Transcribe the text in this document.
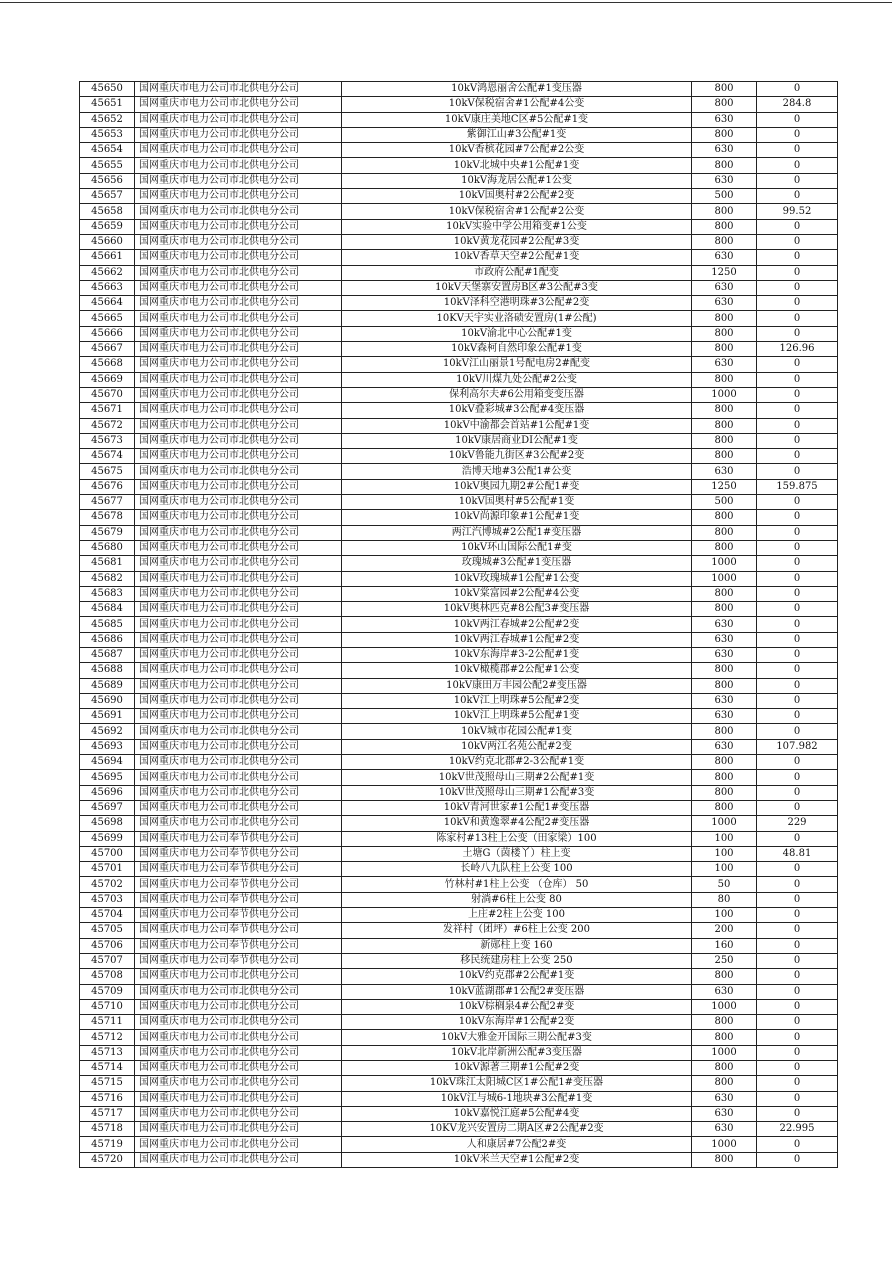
45650	国网重庆市电力公司市北供电分公司	10kV鸿恩丽舍公配#1变压器	800	0
45651	国网重庆市电力公司市北供电分公司	10kV保税宿舍#1公配#4公变	800	284.8
45652	国网重庆市电力公司市北供电分公司	10kV康庄美地C区#5公配#1变	630	0
45653	国网重庆市电力公司市北供电分公司	紫御江山#3公配#1变	800	0
45654	国网重庆市电力公司市北供电分公司	10kV香槟花园#7公配#2公变	630	0
45655	国网重庆市电力公司市北供电分公司	10kV北城中央#1公配#1变	800	0
45656	国网重庆市电力公司市北供电分公司	10kV海龙居公配#1公变	630	0
45657	国网重庆市电力公司市北供电分公司	10kV国奥村#2公配#2变	500	0
45658	国网重庆市电力公司市北供电分公司	10kV保税宿舍#1公配#2公变	800	99.52
45659	国网重庆市电力公司市北供电分公司	10kV实验中学公用箱变#1公变	800	0
45660	国网重庆市电力公司市北供电分公司	10kV黄龙花园#2公配#3变	800	0
45661	国网重庆市电力公司市北供电分公司	10kV香草天空#2公配#1变	630	0
45662	国网重庆市电力公司市北供电分公司	市政府公配#1配变	1250	0
45663	国网重庆市电力公司市北供电分公司	10kV天堡寨安置房B区#3公配#3变	630	0
45664	国网重庆市电力公司市北供电分公司	10kV泽科空港明珠#3公配#2变	630	0
45665	国网重庆市电力公司市北供电分公司	10KV天宇实业洛碛安置房(1#公配)	800	0
45666	国网重庆市电力公司市北供电分公司	10kV渝北中心公配#1变	800	0
45667	国网重庆市电力公司市北供电分公司	10kV森柯自然印象公配#1变	800	126.96
45668	国网重庆市电力公司市北供电分公司	10kV江山丽景1号配电房2#配变	630	0
45669	国网重庆市电力公司市北供电分公司	10kV川煤九处公配#2公变	800	0
45670	国网重庆市电力公司市北供电分公司	保利高尔夫#6公用箱变变压器	1000	0
45671	国网重庆市电力公司市北供电分公司	10kV叠彩城#3公配#4变压器	800	0
45672	国网重庆市电力公司市北供电分公司	10kV中渝都会首站#1公配#1变	800	0
45673	国网重庆市电力公司市北供电分公司	10kV康居商业DI公配#1变	800	0
45674	国网重庆市电力公司市北供电分公司	10kV鲁能九街区#3公配#2变	800	0
45675	国网重庆市电力公司市北供电分公司	浩博天地#3公配1#公变	630	0
45676	国网重庆市电力公司市北供电分公司	10kV奥园九期2#公配1#变	1250	159.875
45677	国网重庆市电力公司市北供电分公司	10kV国奥村#5公配#1变	500	0
45678	国网重庆市电力公司市北供电分公司	10kV尚源印象#1公配#1变	800	0
45679	国网重庆市电力公司市北供电分公司	两江汽博城#2公配1#变压器	800	0
45680	国网重庆市电力公司市北供电分公司	10kV环山国际公配1#变	800	0
45681	国网重庆市电力公司市北供电分公司	玫瑰城#3公配#1变压器	1000	0
45682	国网重庆市电力公司市北供电分公司	10kV玫瑰城#1公配#1公变	1000	0
45683	国网重庆市电力公司市北供电分公司	10kV棠富园#2公配#4公变	800	0
45684	国网重庆市电力公司市北供电分公司	10kV奥林匹克#8公配3#变压器	800	0
45685	国网重庆市电力公司市北供电分公司	10kV两江春城#2公配#2变	630	0
45686	国网重庆市电力公司市北供电分公司	10kV两江春城#1公配#2变	630	0
45687	国网重庆市电力公司市北供电分公司	10kV东海岸#3-2公配#1变	630	0
45688	国网重庆市电力公司市北供电分公司	10kV橄榄郡#2公配#1公变	800	0
45689	国网重庆市电力公司市北供电分公司	10kV康田万丰园公配2#变压器	800	0
45690	国网重庆市电力公司市北供电分公司	10kV江上明珠#5公配#2变	630	0
45691	国网重庆市电力公司市北供电分公司	10kV江上明珠#5公配#1变	630	0
45692	国网重庆市电力公司市北供电分公司	10kV城市花园公配#1变	800	0
45693	国网重庆市电力公司市北供电分公司	10kV两江名苑公配#2变	630	107.982
45694	国网重庆市电力公司市北供电分公司	10kV约克北郡#2-3公配#1变	800	0
45695	国网重庆市电力公司市北供电分公司	10kV世茂照母山三期#2公配#1变	800	0
45696	国网重庆市电力公司市北供电分公司	10kV世茂照母山三期#1公配#3变	800	0
45697	国网重庆市电力公司市北供电分公司	10kV青河世家#1公配1#变压器	800	0
45698	国网重庆市电力公司市北供电分公司	10kV和黄逸翠#4公配2#变压器	1000	229
45699	国网重庆市电力公司奉节供电分公司	陈家村#13柱上公变（田家梁）100	100	0
45700	国网重庆市电力公司奉节供电分公司	土塘G（茵楼丫）柱上变	100	48.81
45701	国网重庆市电力公司奉节供电分公司	长岭八九队柱上公变 100	100	0
45702	国网重庆市电力公司奉节供电分公司	竹林村#1柱上公变 （仓库） 50	50	0
45703	国网重庆市电力公司奉节供电分公司	射淌#6柱上公变 80	80	0
45704	国网重庆市电力公司奉节供电分公司	上庄#2柱上公变 100	100	0
45705	国网重庆市电力公司奉节供电分公司	发祥村（团坪）#6柱上公变 200	200	0
45706	国网重庆市电力公司奉节供电分公司	新郧柱上变 160	160	0
45707	国网重庆市电力公司奉节供电分公司	移民统建房柱上公变 250	250	0
45708	国网重庆市电力公司市北供电分公司	10kV约克郡#2公配#1变	800	0
45709	国网重庆市电力公司市北供电分公司	10kV蓝湖郡#1公配2#变压器	630	0
45710	国网重庆市电力公司市北供电分公司	10kV棕榈泉4#公配2#变	1000	0
45711	国网重庆市电力公司市北供电分公司	10kV东海岸#1公配#2变	800	0
45712	国网重庆市电力公司市北供电分公司	10kV大雅金开国际三期公配#3变	800	0
45713	国网重庆市电力公司市北供电分公司	10kV北岸新洲公配#3变压器	1000	0
45714	国网重庆市电力公司市北供电分公司	10kV源著三期#1公配#2变	800	0
45715	国网重庆市电力公司市北供电分公司	10kV珠江太阳城C区1#公配1#变压器	800	0
45716	国网重庆市电力公司市北供电分公司	10kV江与城6-1地块#3公配#1变	630	0
45717	国网重庆市电力公司市北供电分公司	10kV嘉悦江庭#5公配#4变	630	0
45718	国网重庆市电力公司市北供电分公司	10KV龙兴安置房二期A区#2公配#2变	630	22.995
45719	国网重庆市电力公司市北供电分公司	人和康居#7公配2#变	1000	0
45720	国网重庆市电力公司市北供电分公司	10kV米兰天空#1公配#2变	800	0
